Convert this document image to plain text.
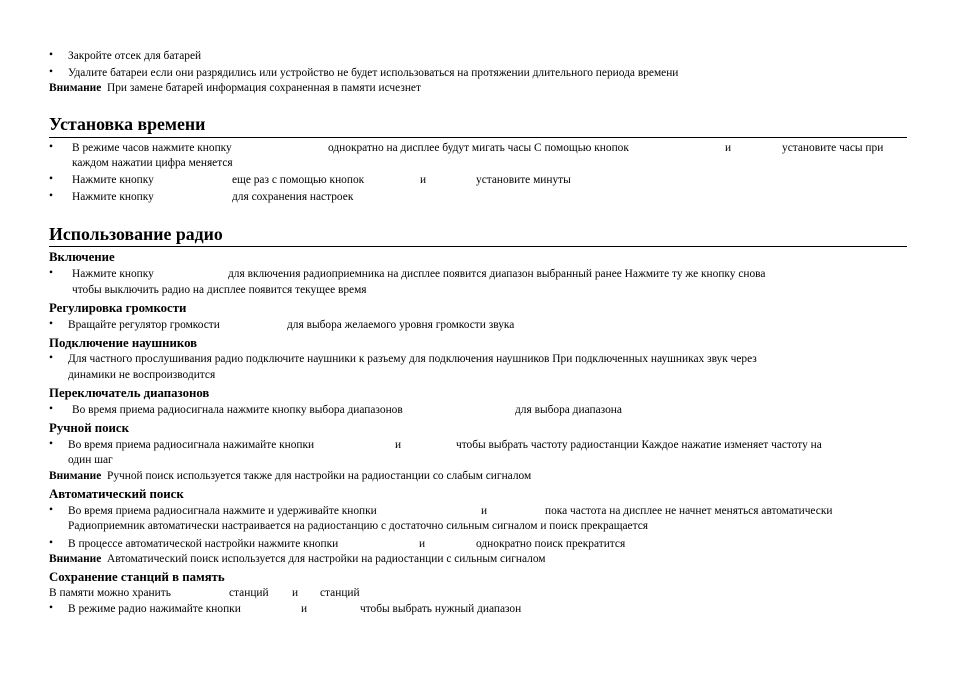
• Закройте отсек для батарей
• Удалите батареи если они разрядились или устройство не будет использоваться на протяжении длительного периода времени
Внимание При замене батарей информация сохраненная в памяти исчезнет
Установка времени
• В режиме часов нажмите кнопку	однократно на дисплее будут мигать часы С помощью кнопок	и	установите часы при
каждом нажатии цифра меняется
• Нажмите кнопку	еще раз с помощью кнопок	и	установите минуты
• Нажмите кнопку	для сохранения настроек
Использование радио
Включение
• Нажмите кнопку	для включения радиоприемника на дисплее появится диапазон выбранный ранее Нажмите ту же кнопку снова
чтобы выключить радио на дисплее появится текущее время
Регулировка громкости
• Вращайте регулятор громкости	для выбора желаемого уровня громкости звука
Подключение наушников
• Для частного прослушивания радио подключите наушники к разъему для подключения наушников При подключенных наушниках звук через
динамики не воспроизводится
Переключатель диапазонов
• Во время приема радиосигнала нажмите кнопку выбора диапазонов	для выбора диапазона
Ручной поиск
• Во время приема радиосигнала нажимайте кнопки	и	чтобы выбрать частоту радиостанции Каждое нажатие изменяет частоту на
один шаг
Внимание Ручной поиск используется также для настройки на радиостанции со слабым сигналом
Автоматический поиск
• Во время приема радиосигнала нажмите и удерживайте кнопки	и	пока частота на дисплее не начнет меняться автоматически
Радиоприемник автоматически настраивается на радиостанцию с достаточно сильным сигналом и поиск прекращается
• В процессе автоматической настройки нажмите кнопки	и	однократно поиск прекратится
Внимание Автоматический поиск используется для настройки на радиостанции с сильным сигналом
Сохранение станций в память
В памяти можно хранить	станций и станций
• В режиме радио нажимайте кнопки	и	чтобы выбрать нужный диапазон
